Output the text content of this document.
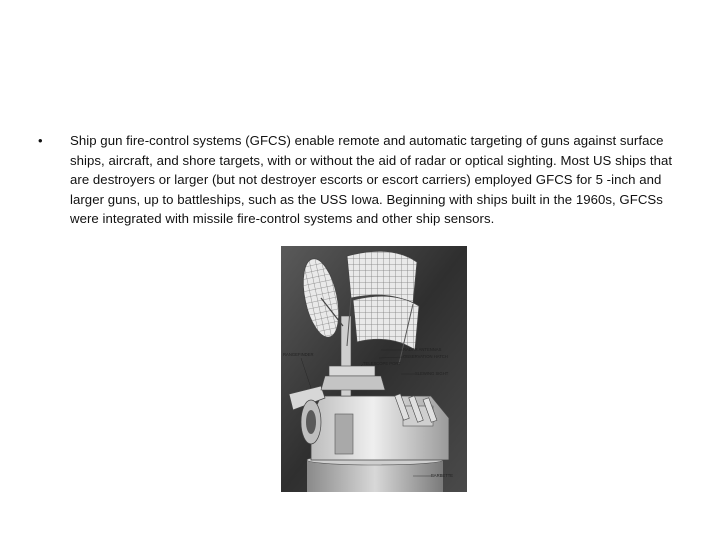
• Ship gun fire-control systems (GFCS) enable remote and automatic targeting of guns against surface ships, aircraft, and shore targets, with or without the aid of radar or optical sighting. Most US ships that are destroyers or larger (but not destroyer escorts or escort carriers) employed GFCS for 5 -inch and larger guns, up to battleships, such as the USS Iowa. Beginning with ships built in the 1960s, GFCSs were integrated with missile fire-control systems and other ship sensors.
RADAR ANTENNAS
OBSERVATION HATCH
TELESCOPE PORT
SLEWING SIGHT
RANGEFINDER
BARBETTE
